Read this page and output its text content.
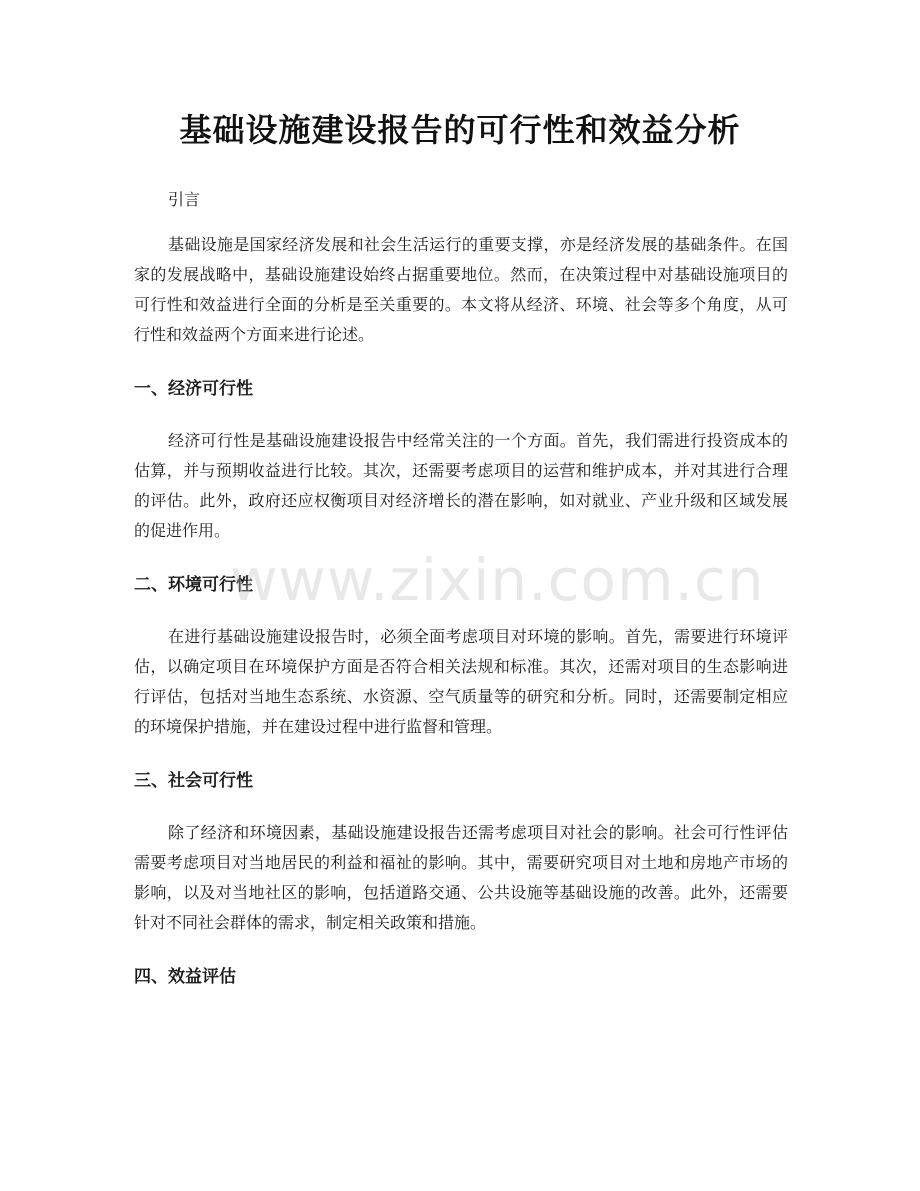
基础设施建设报告的可行性和效益分析

引言

基础设施是国家经济发展和社会生活运行的重要支撑，亦是经济发展的基础条件。在国家的发展战略中，基础设施建设始终占据重要地位。然而，在决策过程中对基础设施项目的可行性和效益进行全面的分析是至关重要的。本文将从经济、环境、社会等多个角度，从可行性和效益两个方面来进行论述。

一、经济可行性

经济可行性是基础设施建设报告中经常关注的一个方面。首先，我们需进行投资成本的估算，并与预期收益进行比较。其次，还需要考虑项目的运营和维护成本，并对其进行合理的评估。此外，政府还应权衡项目对经济增长的潜在影响，如对就业、产业升级和区域发展的促进作用。

二、环境可行性

在进行基础设施建设报告时，必须全面考虑项目对环境的影响。首先，需要进行环境评估，以确定项目在环境保护方面是否符合相关法规和标准。其次，还需对项目的生态影响进行评估，包括对当地生态系统、水资源、空气质量等的研究和分析。同时，还需要制定相应的环境保护措施，并在建设过程中进行监督和管理。

三、社会可行性

除了经济和环境因素，基础设施建设报告还需考虑项目对社会的影响。社会可行性评估需要考虑项目对当地居民的利益和福祉的影响。其中，需要研究项目对土地和房地产市场的影响，以及对当地社区的影响，包括道路交通、公共设施等基础设施的改善。此外，还需要针对不同社会群体的需求，制定相关政策和措施。

四、效益评估
www.zixin.com.cn
